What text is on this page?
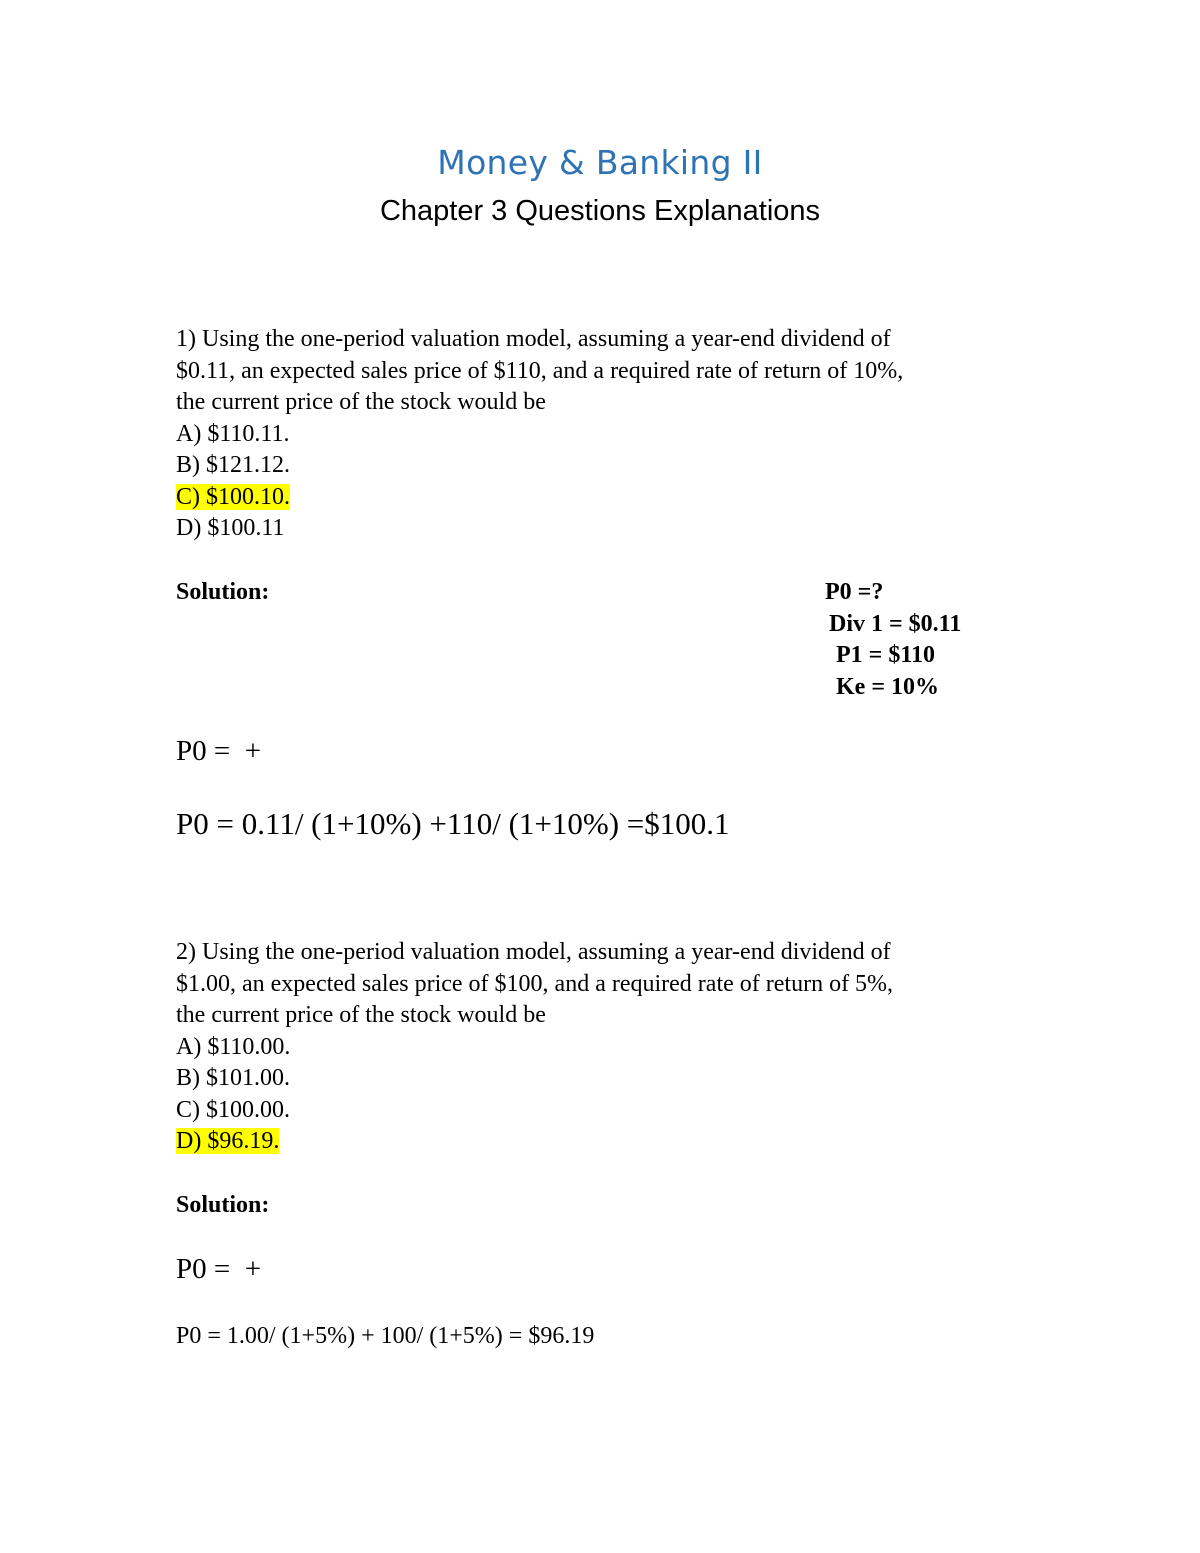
Money & Banking II
Chapter 3 Questions Explanations
1) Using the one-period valuation model, assuming a year-end dividend of
$0.11, an expected sales price of $110, and a required rate of return of 10%,
the current price of the stock would be
A) $110.11.
B) $121.12.
C) $100.10.
D) $100.11
Solution:	P0 =?
Div 1 = $0.11
P1 = $110
Ke = 10%
P0 =  +
P0 = 0.11/ (1+10%) +110/ (1+10%) =$100.1
2) Using the one-period valuation model, assuming a year-end dividend of
$1.00, an expected sales price of $100, and a required rate of return of 5%,
the current price of the stock would be
A) $110.00.
B) $101.00.
C) $100.00.
D) $96.19.
Solution:
P0 =  +
P0 = 1.00/ (1+5%) + 100/ (1+5%) = $96.19
